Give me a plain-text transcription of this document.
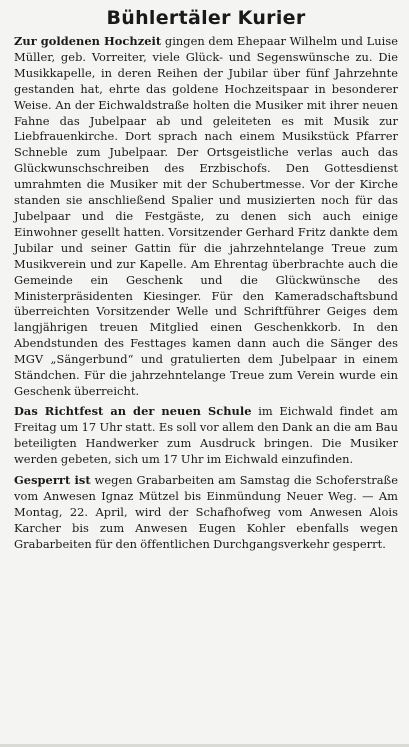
Bühlertäler Kurier

Zur goldenen Hochzeit gingen dem Ehepaar Wilhelm und Luise Müller, geb. Vorreiter, viele Glück- und Segenswünsche zu. Die Musikkapelle, in deren Reihen der Jubilar über fünf Jahrzehnte gestanden hat, ehrte das goldene Hochzeitspaar in besonderer Weise. An der Eichwaldstraße holten die Musiker mit ihrer neuen Fahne das Jubelpaar ab und geleiteten es mit Musik zur Liebfrauenkirche. Dort sprach nach einem Musikstück Pfarrer Schneble zum Jubelpaar. Der Ortsgeistliche verlas auch das Glückwunschschreiben des Erzbischofs. Den Gottesdienst umrahmten die Musiker mit der Schubertmesse. Vor der Kirche standen sie anschließend Spalier und musizierten noch für das Jubelpaar und die Festgäste, zu denen sich auch einige Einwohner gesellt hatten. Vorsitzender Gerhard Fritz dankte dem Jubilar und seiner Gattin für die jahrzehntelange Treue zum Musikverein und zur Kapelle. Am Ehrentag überbrachte auch die Gemeinde ein Geschenk und die Glückwünsche des Ministerpräsidenten Kiesinger. Für den Kameradschaftsbund überreichten Vorsitzender Welle und Schriftführer Geiges dem langjährigen treuen Mitglied einen Geschenkkorb. In den Abendstunden des Festtages kamen dann auch die Sänger des MGV „Sängerbund“ und gratulierten dem Jubelpaar in einem Ständchen. Für die jahrzehntelange Treue zum Verein wurde ein Geschenk überreicht.

Das Richtfest an der neuen Schule im Eichwald findet am Freitag um 17 Uhr statt. Es soll vor allem den Dank an die am Bau beteiligten Handwerker zum Ausdruck bringen. Die Musiker werden gebeten, sich um 17 Uhr im Eichwald einzufinden.

Gesperrt ist wegen Grabarbeiten am Samstag die Schoferstraße vom Anwesen Ignaz Mützel bis Einmündung Neuer Weg. — Am Montag, 22. April, wird der Schafhofweg vom Anwesen Alois Karcher bis zum Anwesen Eugen Kohler ebenfalls wegen Grabarbeiten für den öffentlichen Durchgangsverkehr gesperrt.
